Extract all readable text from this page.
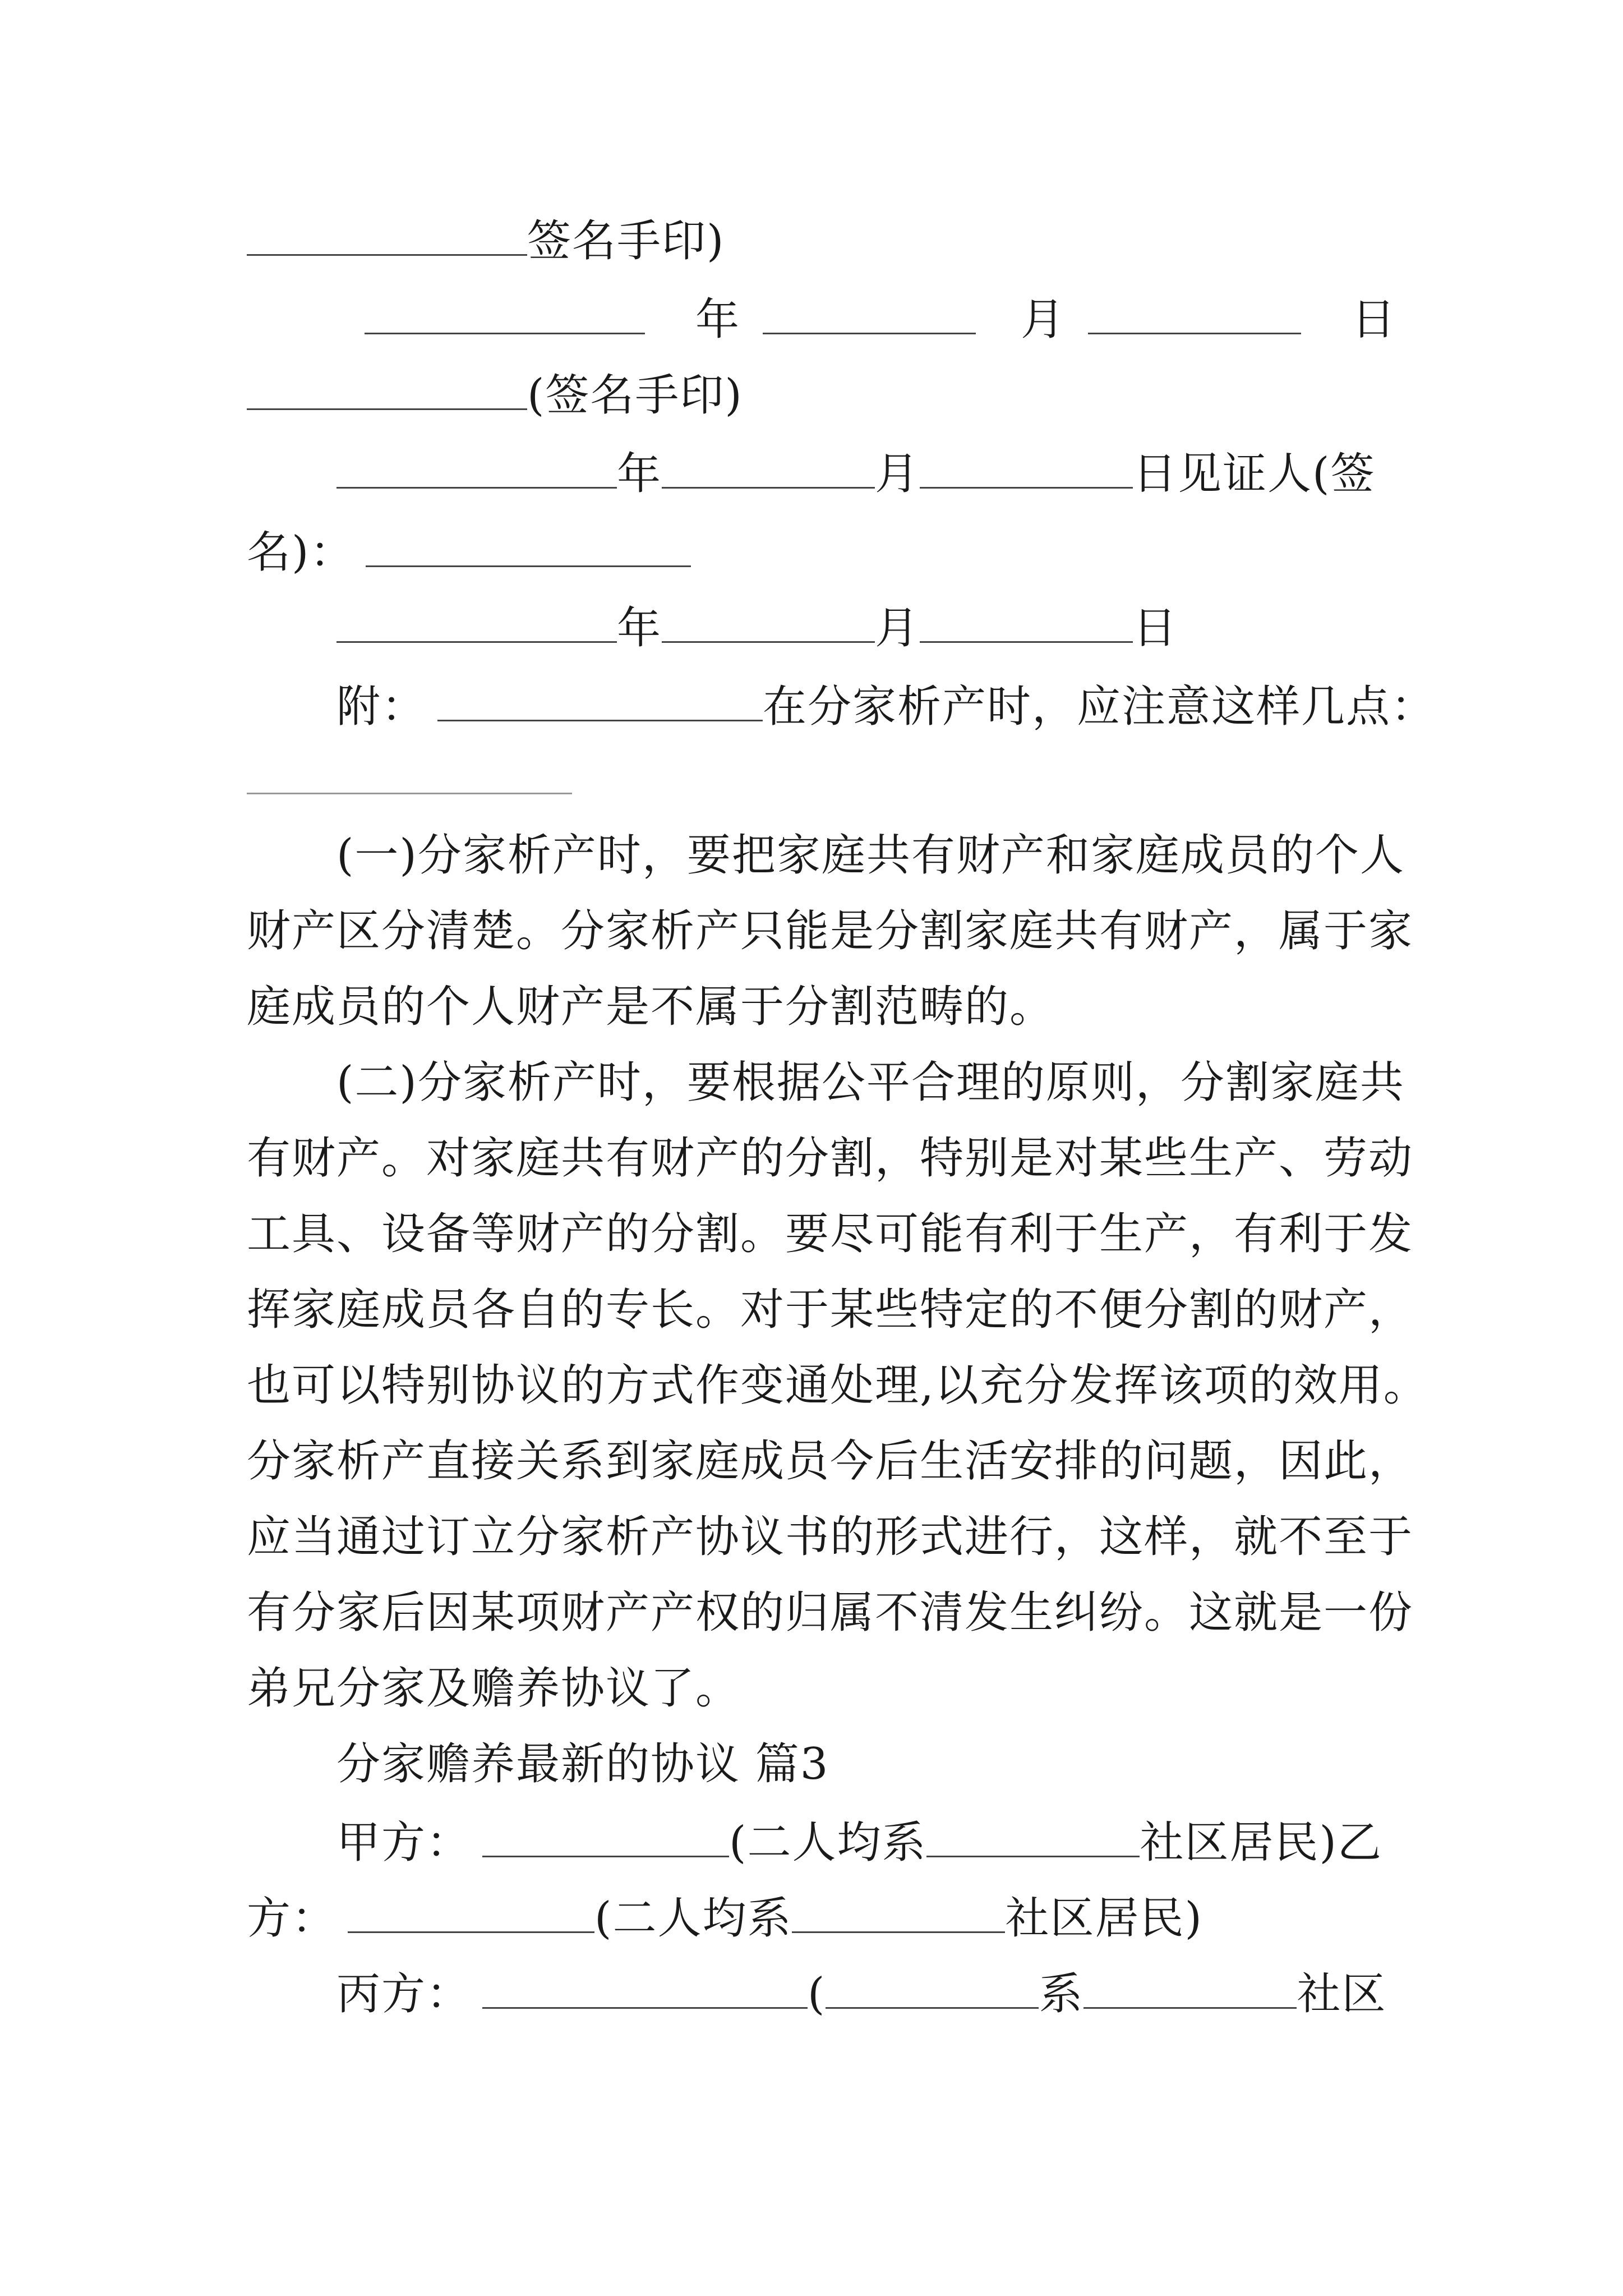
签名手印)
年	月	日
(签名手印)
年	月	日见证人(签
名)：
年	月	日
附：	在分家析产时，应注意这样几点：
(一)分家析产时，要把家庭共有财产和家庭成员的个人
财产区分清楚。分家析产只能是分割家庭共有财产，属于家
庭成员的个人财产是不属于分割范畴的。
(二)分家析产时，要根据公平合理的原则，分割家庭共
有财产。对家庭共有财产的分割，特别是对某些生产、劳动
工具、设备等财产的分割。要尽可能有利于生产，有利于发
挥家庭成员各自的专长。对于某些特定的不便分割的财产，
也可以特别协议的方式作变通处理,以充分发挥该项的效用。
分家析产直接关系到家庭成员今后生活安排的问题，因此，
应当通过订立分家析产协议书的形式进行，这样，就不至于
有分家后因某项财产产权的归属不清发生纠纷。这就是一份
弟兄分家及赡养协议了。
分家赡养最新的协议 篇3
甲方：	(二人均系	社区居民)乙
方：	(二人均系	社区居民)
丙方：	(	系	社区
